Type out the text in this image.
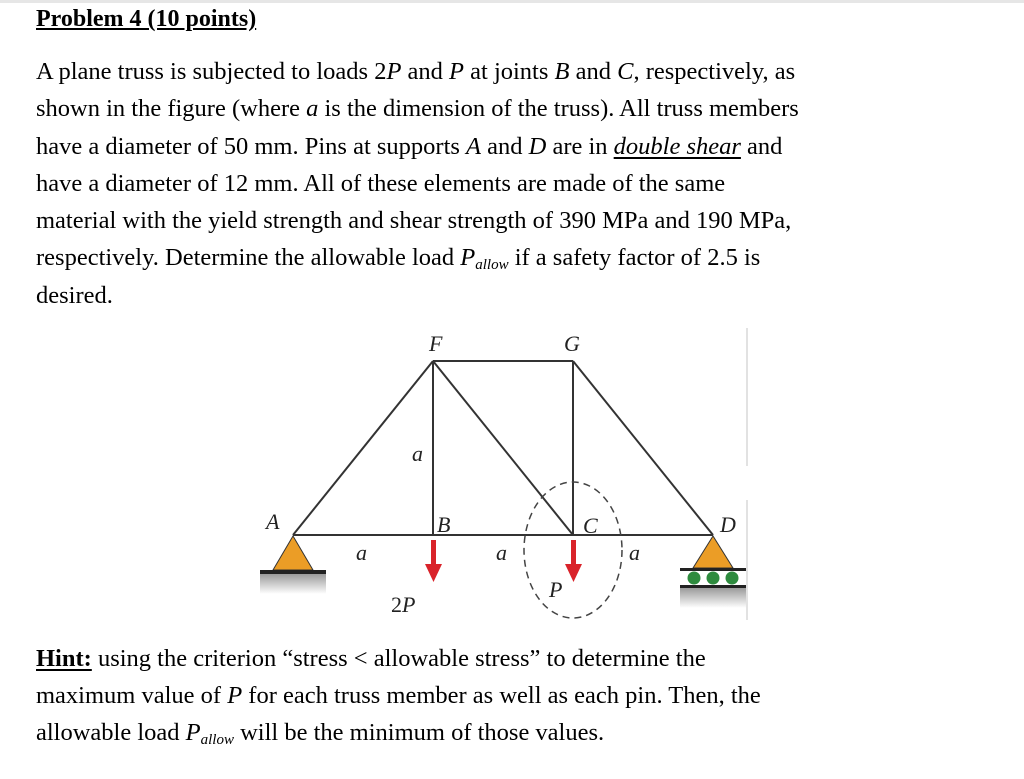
Problem 4 (10 points)
A plane truss is subjected to loads 2P and P at joints B and C, respectively, as
shown in the figure (where a is the dimension of the truss). All truss members
have a diameter of 50 mm. Pins at supports A and D are in double shear and
have a diameter of 12 mm. All of these elements are made of the same
material with the yield strength and shear strength of 390 MPa and 190 MPa,
respectively. Determine the allowable load $P_{allow}$ if a safety factor of 2.5 is
desired.
A	B	C	D
F	G
a
a	a	a
2P
P
Hint: using the criterion “stress < allowable stress” to determine the
maximum value of P for each truss member as well as each pin. Then, the
allowable load $P_{allow}$ will be the minimum of those values.
